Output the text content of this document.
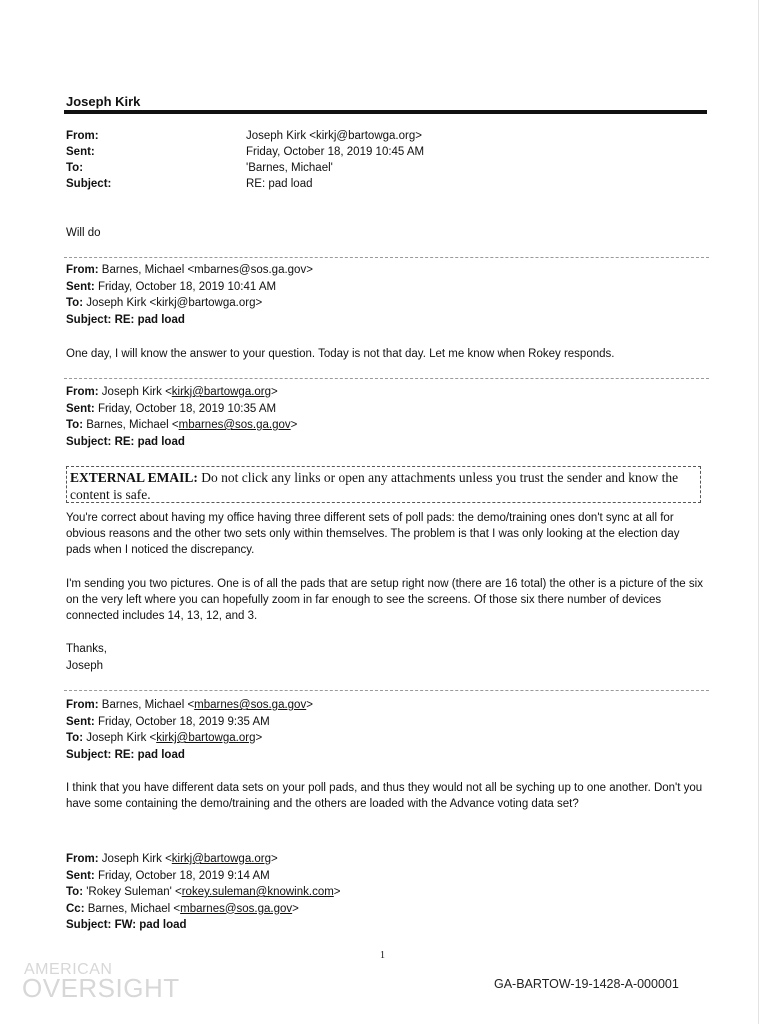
Joseph Kirk
From:	Joseph Kirk <kirkj@bartowga.org>
Sent:	Friday, October 18, 2019 10:45 AM
To:	'Barnes, Michael'
Subject:	RE: pad load
Will do
From: Barnes, Michael <mbarnes@sos.ga.gov>
Sent: Friday, October 18, 2019 10:41 AM
To: Joseph Kirk <kirkj@bartowga.org>
Subject: RE: pad load
One day, I will know the answer to your question. Today is not that day. Let me know when Rokey responds.
From: Joseph Kirk <kirkj@bartowga.org>
Sent: Friday, October 18, 2019 10:35 AM
To: Barnes, Michael <mbarnes@sos.ga.gov>
Subject: RE: pad load
EXTERNAL EMAIL: Do not click any links or open any attachments unless you trust the sender and know the content is safe.
You're correct about having my office having three different sets of poll pads: the demo/training ones don't sync at all for obvious reasons and the other two sets only within themselves. The problem is that I was only looking at the election day pads when I noticed the discrepancy.
I'm sending you two pictures. One is of all the pads that are setup right now (there are 16 total) the other is a picture of the six on the very left where you can hopefully zoom in far enough to see the screens. Of those six there number of devices connected includes 14, 13, 12, and 3.
Thanks,
Joseph
From: Barnes, Michael <mbarnes@sos.ga.gov>
Sent: Friday, October 18, 2019 9:35 AM
To: Joseph Kirk <kirkj@bartowga.org>
Subject: RE: pad load
I think that you have different data sets on your poll pads, and thus they would not all be syching up to one another. Don't you have some containing the demo/training and the others are loaded with the Advance voting data set?
From: Joseph Kirk <kirkj@bartowga.org>
Sent: Friday, October 18, 2019 9:14 AM
To: 'Rokey Suleman' <rokey.suleman@knowink.com>
Cc: Barnes, Michael <mbarnes@sos.ga.gov>
Subject: FW: pad load
1
AMERICAN
OVERSIGHT	GA-BARTOW-19-1428-A-000001
